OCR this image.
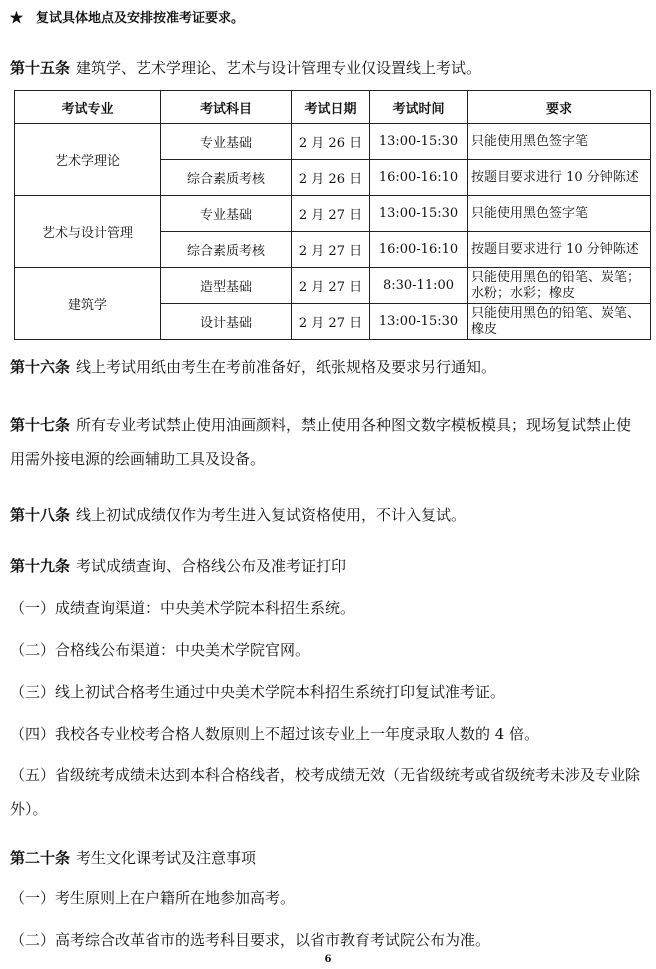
★　复试具体地点及安排按准考证要求。
第十五条 建筑学、艺术学理论、艺术与设计管理专业仅设置线上考试。
考试专业	考试科目	考试日期	考试时间	要求
艺术学理论	专业基础	2 月 26 日	13:00-15:30	只能使用黑色签字笔
	综合素质考核	2 月 26 日	16:00-16:10	按题目要求进行 10 分钟陈述
艺术与设计管理	专业基础	2 月 27 日	13:00-15:30	只能使用黑色签字笔
	综合素质考核	2 月 27 日	16:00-16:10	按题目要求进行 10 分钟陈述
建筑学	造型基础	2 月 27 日	8:30-11:00	只能使用黑色的铅笔、炭笔；水粉；水彩；橡皮
	设计基础	2 月 27 日	13:00-15:30	只能使用黑色的铅笔、炭笔、橡皮
第十六条 线上考试用纸由考生在考前准备好，纸张规格及要求另行通知。
第十七条 所有专业考试禁止使用油画颜料，禁止使用各种图文数字模板模具；现场复试禁止使用需外接电源的绘画辅助工具及设备。
第十八条 线上初试成绩仅作为考生进入复试资格使用，不计入复试。
第十九条 考试成绩查询、合格线公布及准考证打印
（一）成绩查询渠道：中央美术学院本科招生系统。
（二）合格线公布渠道：中央美术学院官网。
（三）线上初试合格考生通过中央美术学院本科招生系统打印复试准考证。
（四）我校各专业校考合格人数原则上不超过该专业上一年度录取人数的 4 倍。
（五）省级统考成绩未达到本科合格线者，校考成绩无效（无省级统考或省级统考未涉及专业除外）。
第二十条 考生文化课考试及注意事项
（一）考生原则上在户籍所在地参加高考。
（二）高考综合改革省市的选考科目要求，以省市教育考试院公布为准。
6
